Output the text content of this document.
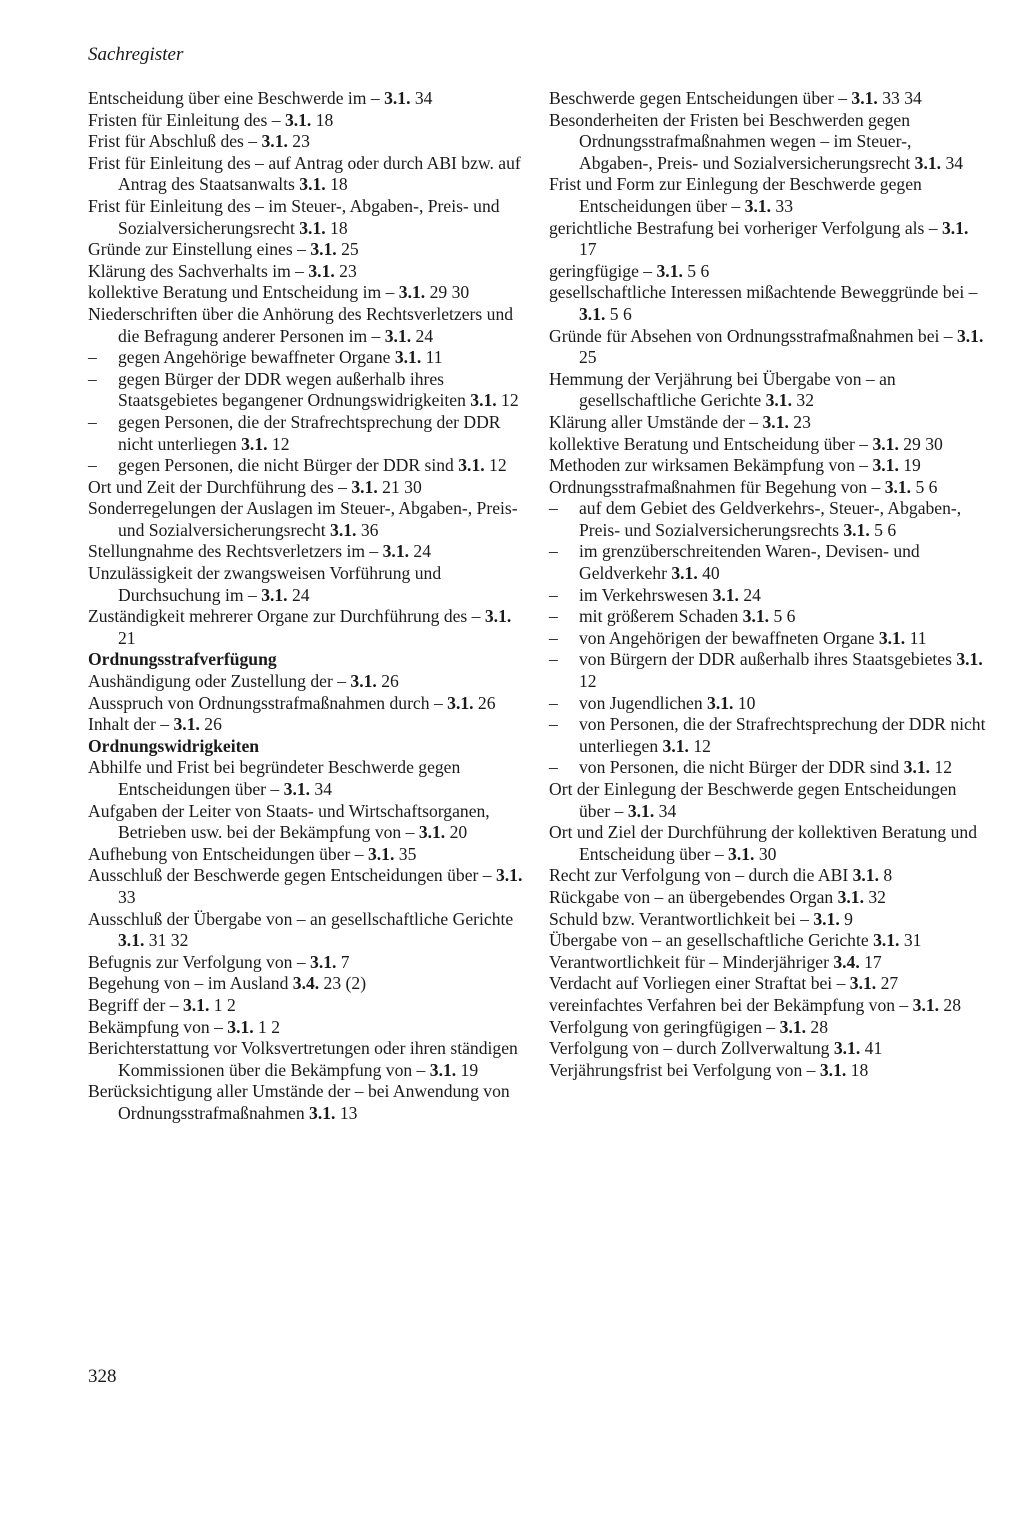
Sachregister

Entscheidung über eine Beschwerde im – 3.1. 34

Fristen für Einleitung des – 3.1. 18

Frist für Abschluß des – 3.1. 23

Frist für Einleitung des – auf Antrag oder durch ABI bzw. auf Antrag des Staatsanwalts 3.1. 18

Frist für Einleitung des – im Steuer-, Abgaben-, Preis- und Sozialversicherungsrecht 3.1. 18

Gründe zur Einstellung eines – 3.1. 25

Klärung des Sachverhalts im – 3.1. 23

kollektive Beratung und Entscheidung im – 3.1. 29 30

Niederschriften über die Anhörung des Rechtsverletzers und die Befragung anderer Personen im – 3.1. 24

– gegen Angehörige bewaffneter Organe 3.1. 11

– gegen Bürger der DDR wegen außerhalb ihres Staatsgebietes begangener Ordnungswidrigkeiten 3.1. 12

– gegen Personen, die der Strafrechtsprechung der DDR nicht unterliegen 3.1. 12

– gegen Personen, die nicht Bürger der DDR sind 3.1. 12

Ort und Zeit der Durchführung des – 3.1. 21 30

Sonderregelungen der Auslagen im Steuer-, Abgaben-, Preis- und Sozialversicherungsrecht 3.1. 36

Stellungnahme des Rechtsverletzers im – 3.1. 24

Unzulässigkeit der zwangsweisen Vorführung und Durchsuchung im – 3.1. 24

Zuständigkeit mehrerer Organe zur Durchführung des – 3.1. 21

Ordnungsstrafverfügung

Aushändigung oder Zustellung der – 3.1. 26

Ausspruch von Ordnungsstrafmaßnahmen durch – 3.1. 26

Inhalt der – 3.1. 26

Ordnungswidrigkeiten

Abhilfe und Frist bei begründeter Beschwerde gegen Entscheidungen über – 3.1. 34

Aufgaben der Leiter von Staats- und Wirtschaftsorganen, Betrieben usw. bei der Bekämpfung von – 3.1. 20

Aufhebung von Entscheidungen über – 3.1. 35

Ausschluß der Beschwerde gegen Entscheidungen über – 3.1. 33

Ausschluß der Übergabe von – an gesellschaftliche Gerichte 3.1. 31 32

Befugnis zur Verfolgung von – 3.1. 7

Begehung von – im Ausland 3.4. 23 (2)

Begriff der – 3.1. 1 2

Bekämpfung von – 3.1. 1 2

Berichterstattung vor Volksvertretungen oder ihren ständigen Kommissionen über die Bekämpfung von – 3.1. 19

Berücksichtigung aller Umstände der – bei Anwendung von Ordnungsstrafmaßnahmen 3.1. 13

Beschwerde gegen Entscheidungen über – 3.1. 33 34

Besonderheiten der Fristen bei Beschwerden gegen Ordnungsstrafmaßnahmen wegen – im Steuer-, Abgaben-, Preis- und Sozialversicherungsrecht 3.1. 34

Frist und Form zur Einlegung der Beschwerde gegen Entscheidungen über – 3.1. 33

gerichtliche Bestrafung bei vorheriger Verfolgung als – 3.1. 17

geringfügige – 3.1. 5 6

gesellschaftliche Interessen mißachtende Beweggründe bei – 3.1. 5 6

Gründe für Absehen von Ordnungsstrafmaßnahmen bei – 3.1. 25

Hemmung der Verjährung bei Übergabe von – an gesellschaftliche Gerichte 3.1. 32

Klärung aller Umstände der – 3.1. 23

kollektive Beratung und Entscheidung über – 3.1. 29 30

Methoden zur wirksamen Bekämpfung von – 3.1. 19

Ordnungsstrafmaßnahmen für Begehung von – 3.1. 5 6

– auf dem Gebiet des Geldverkehrs-, Steuer-, Abgaben-, Preis- und Sozialversicherungsrechts 3.1. 5 6

– im grenzüberschreitenden Waren-, Devisen- und Geldverkehr 3.1. 40

– im Verkehrswesen 3.1. 24

– mit größerem Schaden 3.1. 5 6

– von Angehörigen der bewaffneten Organe 3.1. 11

– von Bürgern der DDR außerhalb ihres Staatsgebietes 3.1. 12

– von Jugendlichen 3.1. 10

– von Personen, die der Strafrechtsprechung der DDR nicht unterliegen 3.1. 12

– von Personen, die nicht Bürger der DDR sind 3.1. 12

Ort der Einlegung der Beschwerde gegen Entscheidungen über – 3.1. 34

Ort und Ziel der Durchführung der kollektiven Beratung und Entscheidung über – 3.1. 30

Recht zur Verfolgung von – durch die ABI 3.1. 8

Rückgabe von – an übergebendes Organ 3.1. 32

Schuld bzw. Verantwortlichkeit bei – 3.1. 9

Übergabe von – an gesellschaftliche Gerichte 3.1. 31

Verantwortlichkeit für – Minderjähriger 3.4. 17

Verdacht auf Vorliegen einer Straftat bei – 3.1. 27

vereinfachtes Verfahren bei der Bekämpfung von – 3.1. 28

Verfolgung von geringfügigen – 3.1. 28

Verfolgung von – durch Zollverwaltung 3.1. 41

Verjährungsfrist bei Verfolgung von – 3.1. 18

328
